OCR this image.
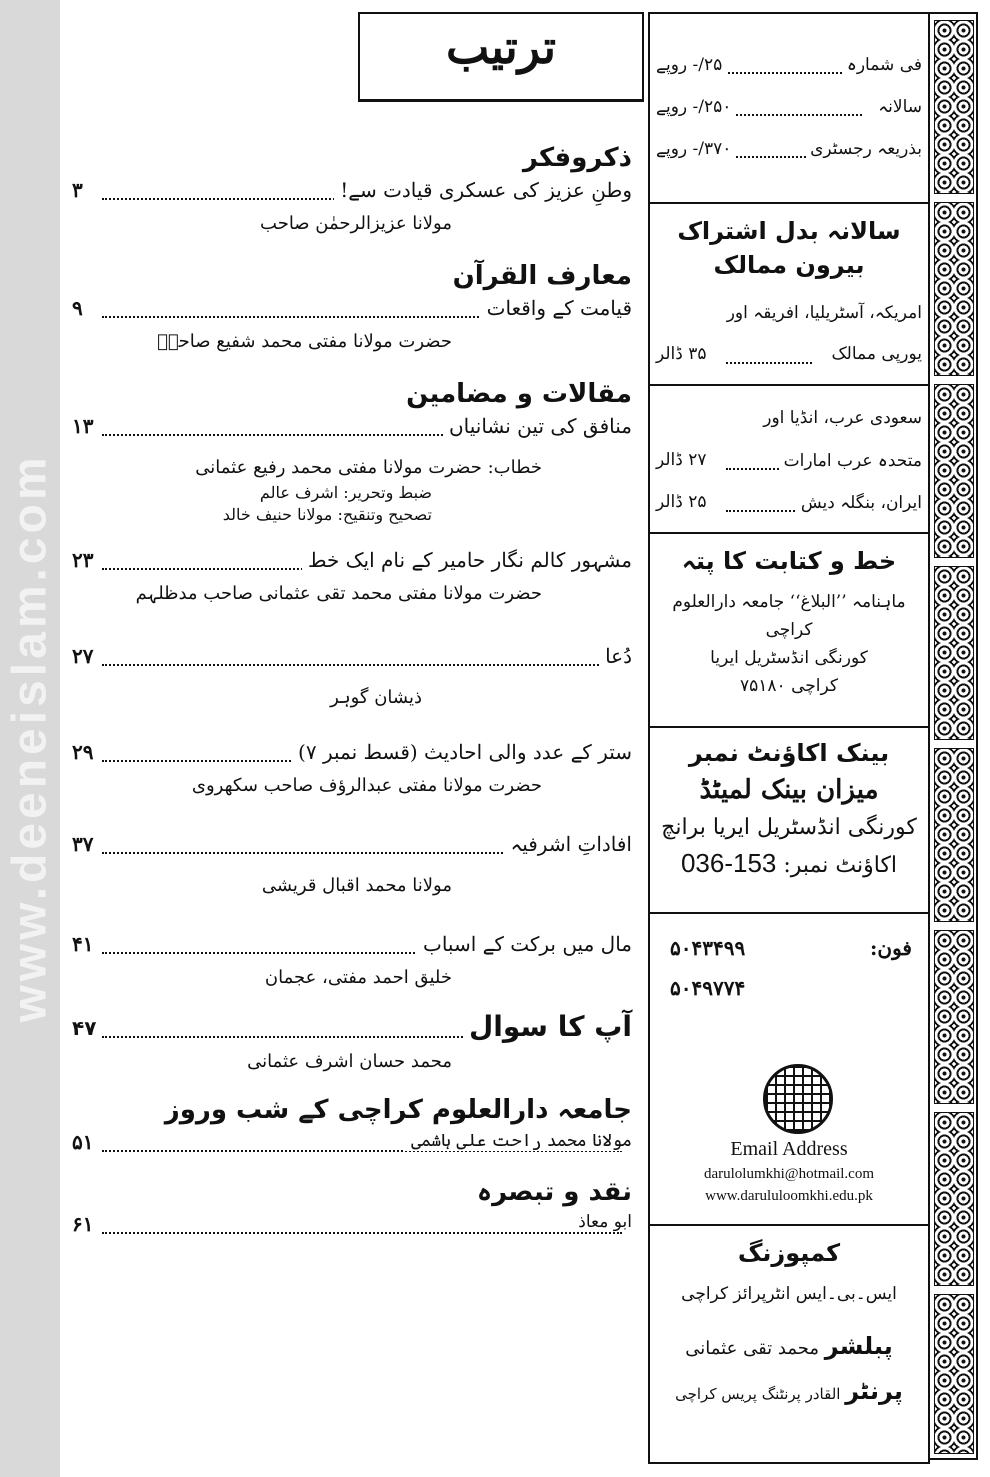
www.deeneislam.com
ترتیب
ذکروفکر
وطنِ عزیز کی عسکری قیادت سے!
۳
مولانا عزیزالرحمٰن صاحب
معارف القرآن
قیامت کے واقعات
۹
حضرت مولانا مفتی محمد شفیع صاحبؒ
مقالات و مضامین
منافق کی تین نشانیاں
۱۳
خطاب: حضرت مولانا مفتی محمد رفیع عثمانی
ضبط وتحریر: اشرف عالم
تصحیح وتنقیح: مولانا حنیف خالد
مشہور کالم نگار حامیر کے نام ایک خط
۲۳
حضرت مولانا مفتی محمد تقی عثمانی صاحب مدظلہم
دُعا
۲۷
ذیشان گوہر
ستر کے عدد والی احادیث (قسط نمبر ۷)
۲۹
حضرت مولانا مفتی عبدالرؤف صاحب سکھروی
افاداتِ اشرفیہ
۳۷
مولانا محمد اقبال قریشی
مال میں برکت کے اسباب
۴۱
خلیق احمد مفتی، عجمان
آپ کا سوال
۴۷
محمد حسان اشرف عثمانی
جامعہ دارالعلوم کراچی کے شب وروز
مولانا محمد راحت علی ہاشمی
۵۱
نقد و تبصرہ
ابو معاذ
۶۱
فی شمارہ
۲۵/- روپے
سالانہ
۲۵۰/- روپے
بذریعہ رجسٹری
۳۷۰/- روپے
سالانہ بدل اشتراک
بیرون ممالک
امریکہ، آسٹریلیا، افریقہ اور
یورپی ممالک
۳۵ ڈالر
سعودی عرب، انڈیا اور
متحدہ عرب امارات
۲۷ ڈالر
ایران، بنگلہ دیش
۲۵ ڈالر
خط و کتابت کا پتہ
ماہنامہ ’’البلاغ‘‘ جامعہ دارالعلوم کراچی
کورنگی انڈسٹریل ایریا
کراچی ۷۵۱۸۰
بینک اکاؤنٹ نمبر
میزان بینک لمیٹڈ
کورنگی انڈسٹریل ایریا برانچ
اکاؤنٹ نمبر: 036-153
فون:
۵۰۴۳۴۹۹
۵۰۴۹۷۷۴
Email Address
darulolumkhi@hotmail.com
www.darululoomkhi.edu.pk
کمپوزنگ
ایس۔بی۔ایس انٹرپرائز کراچی
پبلشر محمد تقی عثمانی
پرنٹر القادر پرنٹنگ پریس کراچی
